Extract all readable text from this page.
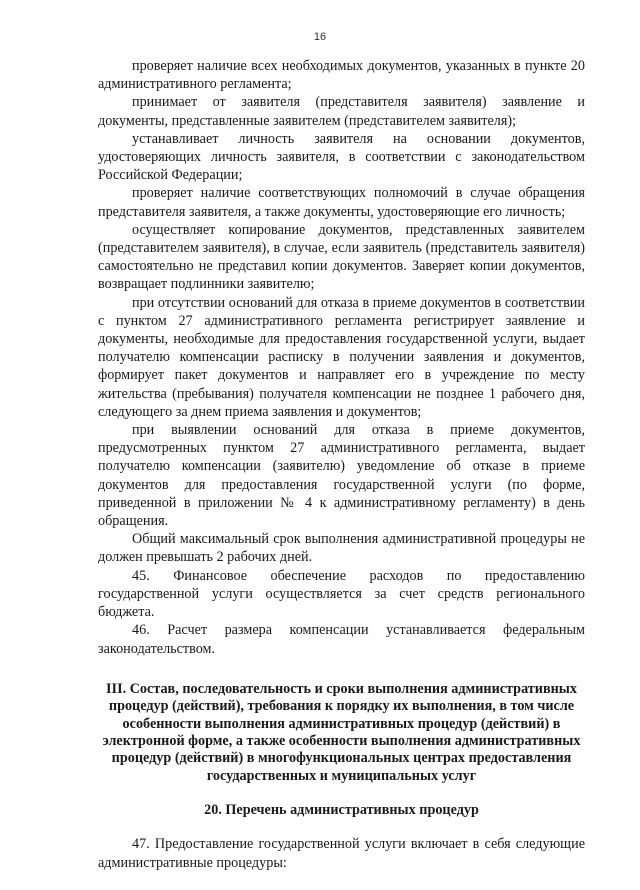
16

проверяет наличие всех необходимых документов, указанных в пункте 20 административного регламента;

принимает от заявителя (представителя заявителя) заявление и документы, представленные заявителем (представителем заявителя);

устанавливает личность заявителя на основании документов, удостоверяющих личность заявителя, в соответствии с законодательством Российской Федерации;

проверяет наличие соответствующих полномочий в случае обращения представителя заявителя, а также документы, удостоверяющие его личность;

осуществляет копирование документов, представленных заявителем (представителем заявителя), в случае, если заявитель (представитель заявителя) самостоятельно не представил копии документов. Заверяет копии документов, возвращает подлинники заявителю;

при отсутствии оснований для отказа в приеме документов в соответствии с пунктом 27 административного регламента регистрирует заявление и документы, необходимые для предоставления государственной услуги, выдает получателю компенсации расписку в получении заявления и документов, формирует пакет документов и направляет его в учреждение по месту жительства (пребывания) получателя компенсации не позднее 1 рабочего дня, следующего за днем приема заявления и документов;

при выявлении оснований для отказа в приеме документов, предусмотренных пунктом 27 административного регламента, выдает получателю компенсации (заявителю) уведомление об отказе в приеме документов для предоставления государственной услуги (по форме, приведенной в приложении № 4 к административному регламенту) в день обращения.

Общий максимальный срок выполнения административной процедуры не должен превышать 2 рабочих дней.

45. Финансовое обеспечение расходов по предоставлению государственной услуги осуществляется за счет средств регионального бюджета.

46. Расчет размера компенсации устанавливается федеральным законодательством.

III. Состав, последовательность и сроки выполнения административных процедур (действий), требования к порядку их выполнения, в том числе особенности выполнения административных процедур (действий) в электронной форме, а также особенности выполнения административных процедур (действий) в многофункциональных центрах предоставления государственных и муниципальных услуг
20. Перечень административных процедур

47. Предоставление государственной услуги включает в себя следующие административные процедуры:
